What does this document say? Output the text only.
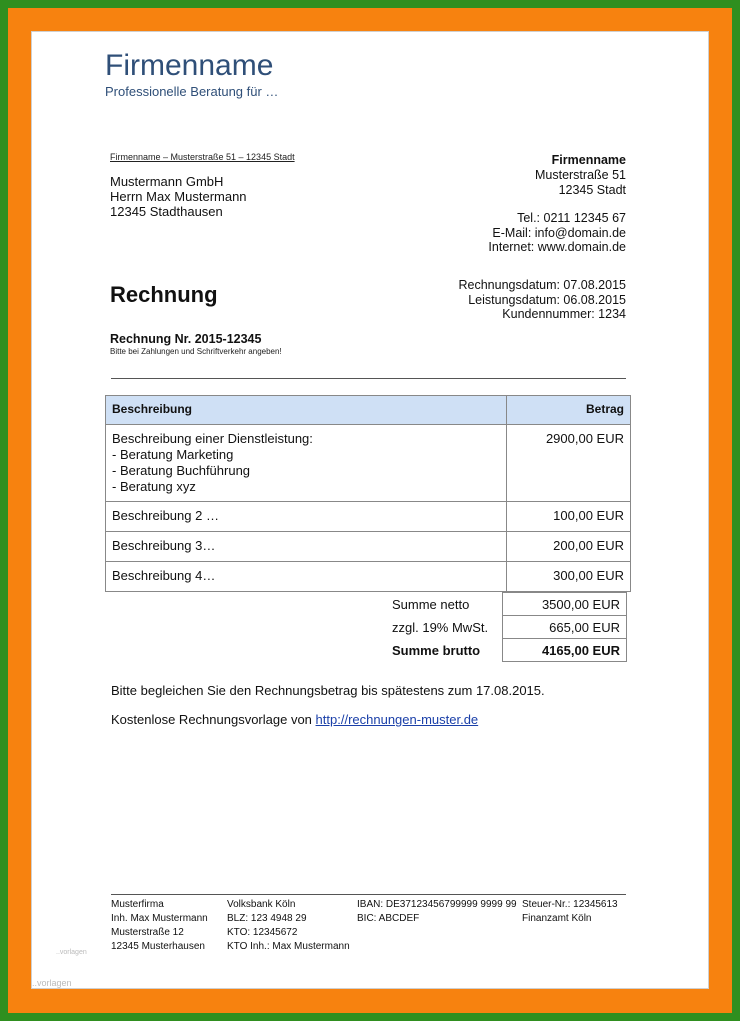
Firmenname
Professionelle Beratung für …
Firmenname – Musterstraße 51 – 12345 Stadt
Mustermann GmbH
Herrn Max Mustermann
12345 Stadthausen
Firmenname
Musterstraße 51
12345 Stadt
Tel.: 0211 12345 67
E-Mail: info@domain.de
Internet: www.domain.de
Rechnung	Rechnungsdatum: 07.08.2015
Leistungsdatum: 06.08.2015
Kundennummer: 1234
Rechnung Nr. 2015-12345
Bitte bei Zahlungen und Schriftverkehr angeben!
Beschreibung	Betrag

Beschreibung einer Dienstleistung:
- Beratung Marketing
- Beratung Buchführung
- Beratung xyz	2900,00 EUR
Beschreibung 2 …	100,00 EUR
Beschreibung 3…	200,00 EUR
Beschreibung 4…	300,00 EUR
Summe netto	3500,00 EUR
zzgl. 19% MwSt.	665,00 EUR
Summe brutto	4165,00 EUR
Bitte begleichen Sie den Rechnungsbetrag bis spätestens zum 17.08.2015.
Kostenlose Rechnungsvorlage von http://rechnungen-muster.de
Musterfirma
Inh. Max Mustermann
Musterstraße 12
12345 Musterhausen
Volksbank Köln
BLZ: 123 4948 29
KTO: 12345672
KTO Inh.: Max Mustermann
IBAN: DE37123456799999 9999 99
BIC: ABCDEF
Steuer-Nr.: 12345613
Finanzamt Köln
..vorlagen
..vorlagen
